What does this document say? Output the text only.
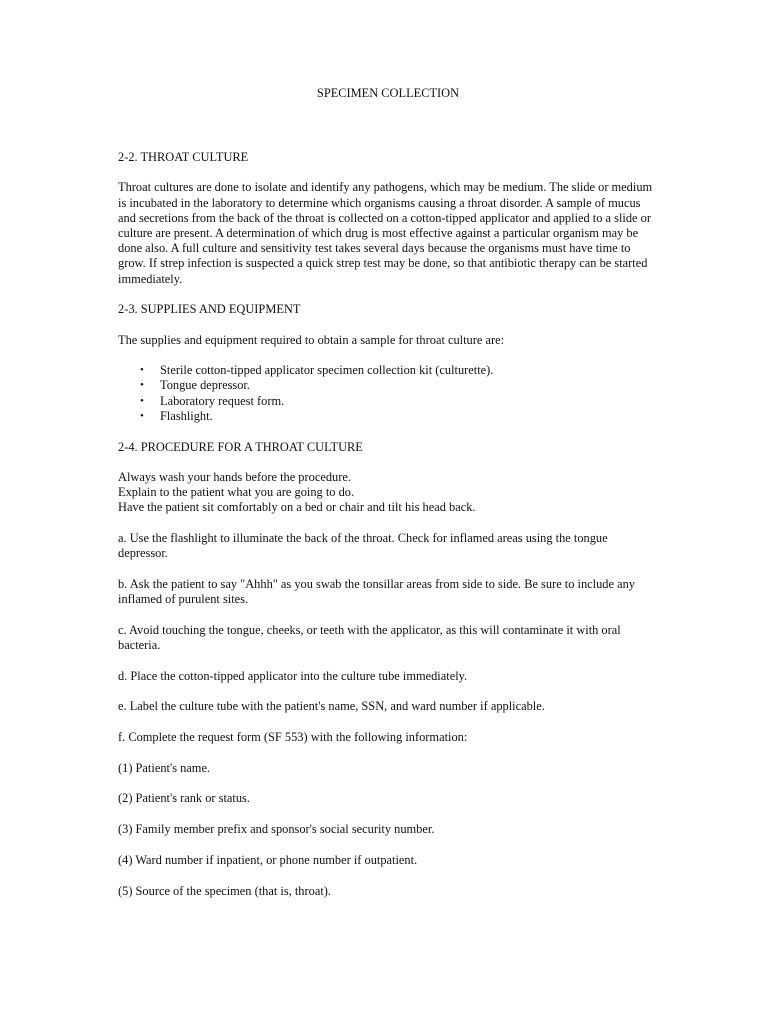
SPECIMEN COLLECTION
2-2. THROAT CULTURE

Throat cultures are done to isolate and identify any pathogens, which may be medium. The slide or medium is incubated in the laboratory to determine which organisms causing a throat disorder. A sample of mucus and secretions from the back of the throat is collected on a cotton-tipped applicator and applied to a slide or culture are present. A determination of which drug is most effective against a particular organism may be done also. A full culture and sensitivity test takes several days because the organisms must have time to grow. If strep infection is suspected a quick strep test may be done, so that antibiotic therapy can be started immediately.

2-3. SUPPLIES AND EQUIPMENT

The supplies and equipment required to obtain a sample for throat culture are:

• Sterile cotton-tipped applicator specimen collection kit (culturette).
• Tongue depressor.
• Laboratory request form.
• Flashlight.
2-4. PROCEDURE FOR A THROAT CULTURE

Always wash your hands before the procedure.

Explain to the patient what you are going to do.

Have the patient sit comfortably on a bed or chair and tilt his head back.

a. Use the flashlight to illuminate the back of the throat. Check for inflamed areas using the tongue depressor.

b. Ask the patient to say "Ahhh" as you swab the tonsillar areas from side to side. Be sure to include any inflamed of purulent sites.

c. Avoid touching the tongue, cheeks, or teeth with the applicator, as this will contaminate it with oral bacteria.

d. Place the cotton-tipped applicator into the culture tube immediately.

e. Label the culture tube with the patient's name, SSN, and ward number if applicable.

f. Complete the request form (SF 553) with the following information:

(1) Patient's name.

(2) Patient's rank or status.

(3) Family member prefix and sponsor's social security number.

(4) Ward number if inpatient, or phone number if outpatient.

(5) Source of the specimen (that is, throat).
